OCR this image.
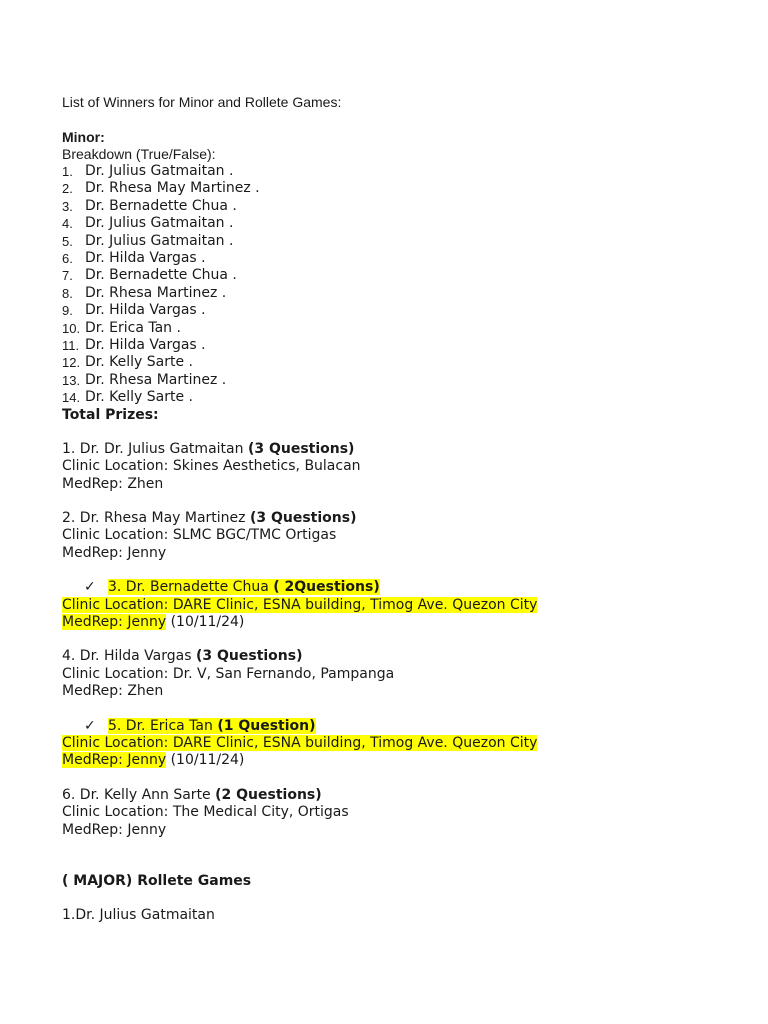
List of Winners for Minor and Rollete Games:

Minor:
Breakdown (True/False):
1. Dr. Julius Gatmaitan .
2. Dr. Rhesa May Martinez .
3. Dr. Bernadette Chua .
4. Dr. Julius Gatmaitan .
5. Dr. Julius Gatmaitan .
6. Dr. Hilda Vargas .
7. Dr. Bernadette Chua .
8. Dr. Rhesa Martinez .
9. Dr. Hilda Vargas .
10. Dr. Erica Tan .
11. Dr. Hilda Vargas .
12. Dr. Kelly Sarte .
13. Dr. Rhesa Martinez .
14. Dr. Kelly Sarte .
Total Prizes:
1. Dr. Dr. Julius Gatmaitan (3 Questions)
Clinic Location: Skines Aesthetics, Bulacan
MedRep: Zhen
2. Dr. Rhesa May Martinez (3 Questions)
Clinic Location: SLMC BGC/TMC Ortigas
MedRep: Jenny
✓ 3. Dr. Bernadette Chua ( 2Questions)
Clinic Location: DARE Clinic, ESNA building, Timog Ave. Quezon City
MedRep: Jenny (10/11/24)
4. Dr. Hilda Vargas (3 Questions)
Clinic Location: Dr. V, San Fernando, Pampanga
MedRep: Zhen
✓ 5. Dr. Erica Tan (1 Question)
Clinic Location: DARE Clinic, ESNA building, Timog Ave. Quezon City
MedRep: Jenny (10/11/24)
6. Dr. Kelly Ann Sarte (2 Questions)
Clinic Location: The Medical City, Ortigas
MedRep: Jenny
( MAJOR) Rollete Games
1.Dr. Julius Gatmaitan
